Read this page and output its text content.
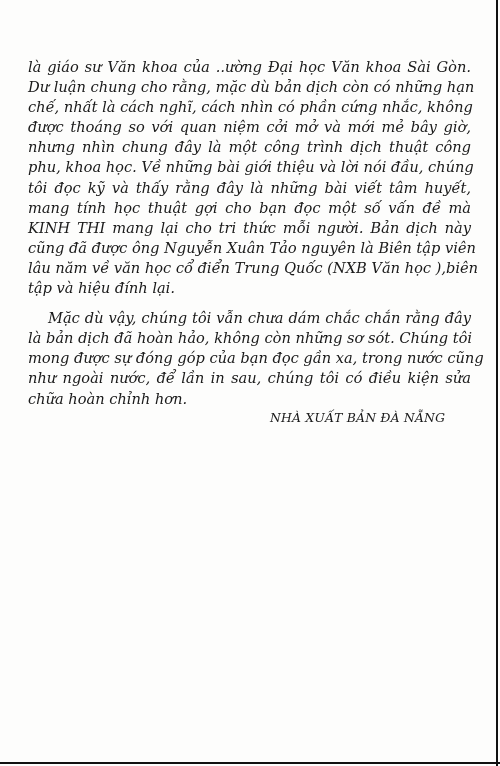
là giáo sư Văn khoa của ..ường Đại học Văn khoa Sài Gòn.
Dư luận chung cho rằng, mặc dù bản dịch còn có những hạn
chế, nhất là cách nghĩ, cách nhìn có phần cứng nhắc, không
được thoáng so với quan niệm cởi mở và mới mẻ bây giờ,
nhưng nhìn chung đây là một công trình dịch thuật công
phu, khoa học. Về những bài giới thiệu và lời nói đầu, chúng
tôi đọc kỹ và thấy rằng đây là những bài viết tâm huyết,
mang tính học thuật gợi cho bạn đọc một số vấn đề mà
KINH THI mang lại cho tri thức mỗi người. Bản dịch này
cũng đã được ông Nguyễn Xuân Tảo nguyên là Biên tập viên
lâu năm về văn học cổ điển Trung Quốc (NXB Văn học ),biên
tập và hiệu đính lại.
Mặc dù vậy, chúng tôi vẫn chưa dám chắc chắn rằng đây
là bản dịch đã hoàn hảo, không còn những sơ sót. Chúng tôi
mong được sự đóng góp của bạn đọc gần xa, trong nước cũng
như ngoài nước, để lần in sau, chúng tôi có điều kiện sửa
chữa hoàn chỉnh hơn.
NHÀ XUẤT BẢN ĐÀ NẴNG
